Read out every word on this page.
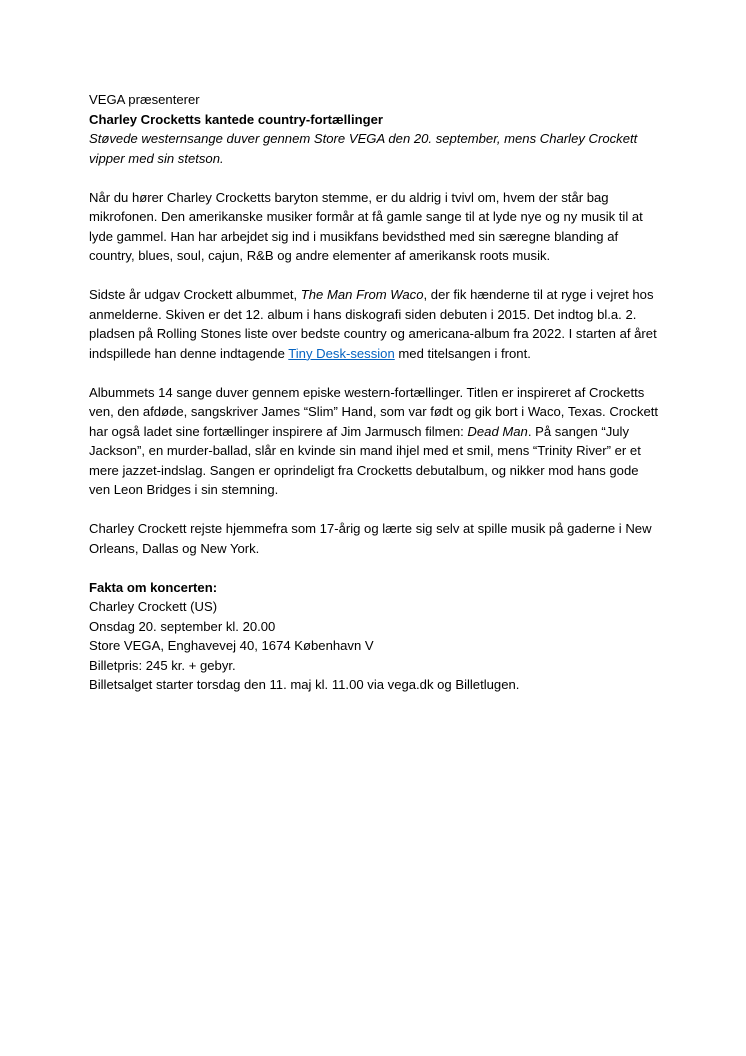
VEGA præsenterer

Charley Crocketts kantede country-fortællinger

Støvede westernsange duver gennem Store VEGA den 20. september, mens Charley Crockett vipper med sin stetson.

Når du hører Charley Crocketts baryton stemme, er du aldrig i tvivl om, hvem der står bag mikrofonen. Den amerikanske musiker formår at få gamle sange til at lyde nye og ny musik til at lyde gammel. Han har arbejdet sig ind i musikfans bevidsthed med sin særegne blanding af country, blues, soul, cajun, R&B og andre elementer af amerikansk roots musik.

Sidste år udgav Crockett albummet, The Man From Waco, der fik hænderne til at ryge i vejret hos anmelderne. Skiven er det 12. album i hans diskografi siden debuten i 2015. Det indtog bl.a. 2. pladsen på Rolling Stones liste over bedste country og americana-album fra 2022. I starten af året indspillede han denne indtagende Tiny Desk-session med titelsangen i front.

Albummets 14 sange duver gennem episke western-fortællinger. Titlen er inspireret af Crocketts ven, den afdøde, sangskriver James “Slim” Hand, som var født og gik bort i Waco, Texas. Crockett har også ladet sine fortællinger inspirere af Jim Jarmusch filmen: Dead Man. På sangen “July Jackson”, en murder-ballad, slår en kvinde sin mand ihjel med et smil, mens “Trinity River” er et mere jazzet-indslag. Sangen er oprindeligt fra Crocketts debutalbum, og nikker mod hans gode ven Leon Bridges i sin stemning.

Charley Crockett rejste hjemmefra som 17-årig og lærte sig selv at spille musik på gaderne i New Orleans, Dallas og New York.

Fakta om koncerten:
Charley Crockett (US)
Onsdag 20. september kl. 20.00
Store VEGA, Enghavevej 40, 1674 København V
Billetpris: 245 kr. + gebyr.
Billetsalget starter torsdag den 11. maj kl. 11.00 via vega.dk og Billetlugen.
